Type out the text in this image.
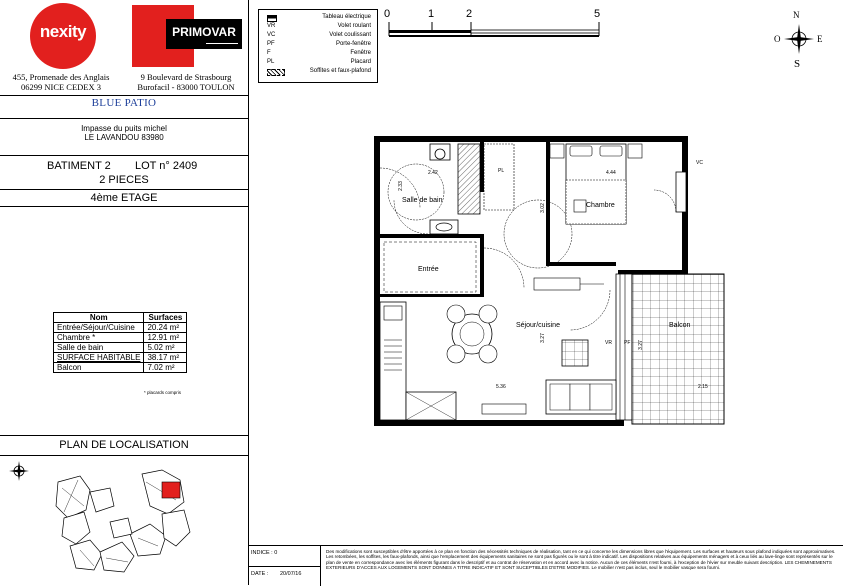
nexity	PRIMOVAR
455, Promenade des Anglais
06299 NICE CEDEX 3
9 Boulevard de Strasbourg
Burofacil - 83000 TOULON
BLUE PATIO
Impasse du puits michel
LE LAVANDOU 83980
BATIMENT 2 LOT n° 2409
2 PIECES
4ème ETAGE
Nom	Surfaces
Entrée/Séjour/Cuisine	20.24 m²
Chambre *	12.91 m²
Salle de bain	5.02 m²
SURFACE HABITABLE	38.17 m²
Balcon	7.02 m²
* placards compris
PLAN DE LOCALISATION
Tableau électrique
VR	Volet roulant
VC	Volet coulissant
PF	Porte-fenêtre
F	Fenêtre
PL	Placard
Soffites et faux-plafond
0	1	2	5	N
O	E
S
Salle de bain
Chambre
Entrée
Séjour/cuisine	Balcon
PL
VC
VR PF
2.42
2.33
4.44
3.02
3.27
5.36
3.27
2.15
INDICE : 0
DATE : 20/07/16
Des modifications sont susceptibles d'être apportées à ce plan en fonction des nécessités techniques de réalisation, tant en ce qui concerne les dimensions libres que l'équipement. Les surfaces et hauteurs sous plafond indiquées sont approximatives. Les retombées, les soffites, les faux-plafonds, ainsi que l'emplacement des équipements sanitaires ne sont pas figurés ou le sont à titre indicatif. Les dispositions relatives aux équipements ménagers et à ceux liés au lave-linge sont représentés sur le plan de vente en correspondance avec les éléments figurant dans le descriptif et au contrat de réservation et en accord avec la notice. Aucun de ces éléments n'est fourni, à l'exception de l'évier sur meuble suivant description. LES CHEMINEMENTS EXTERIEURS D'ACCES AUX LOGEMENTS SONT DONNES A TITRE INDICATIF ET SONT SUCEPTIBLES D'ETRE MODIFIES. Le mobilier n'est pas inclus, seul le mobilier vasque sera fourni.
